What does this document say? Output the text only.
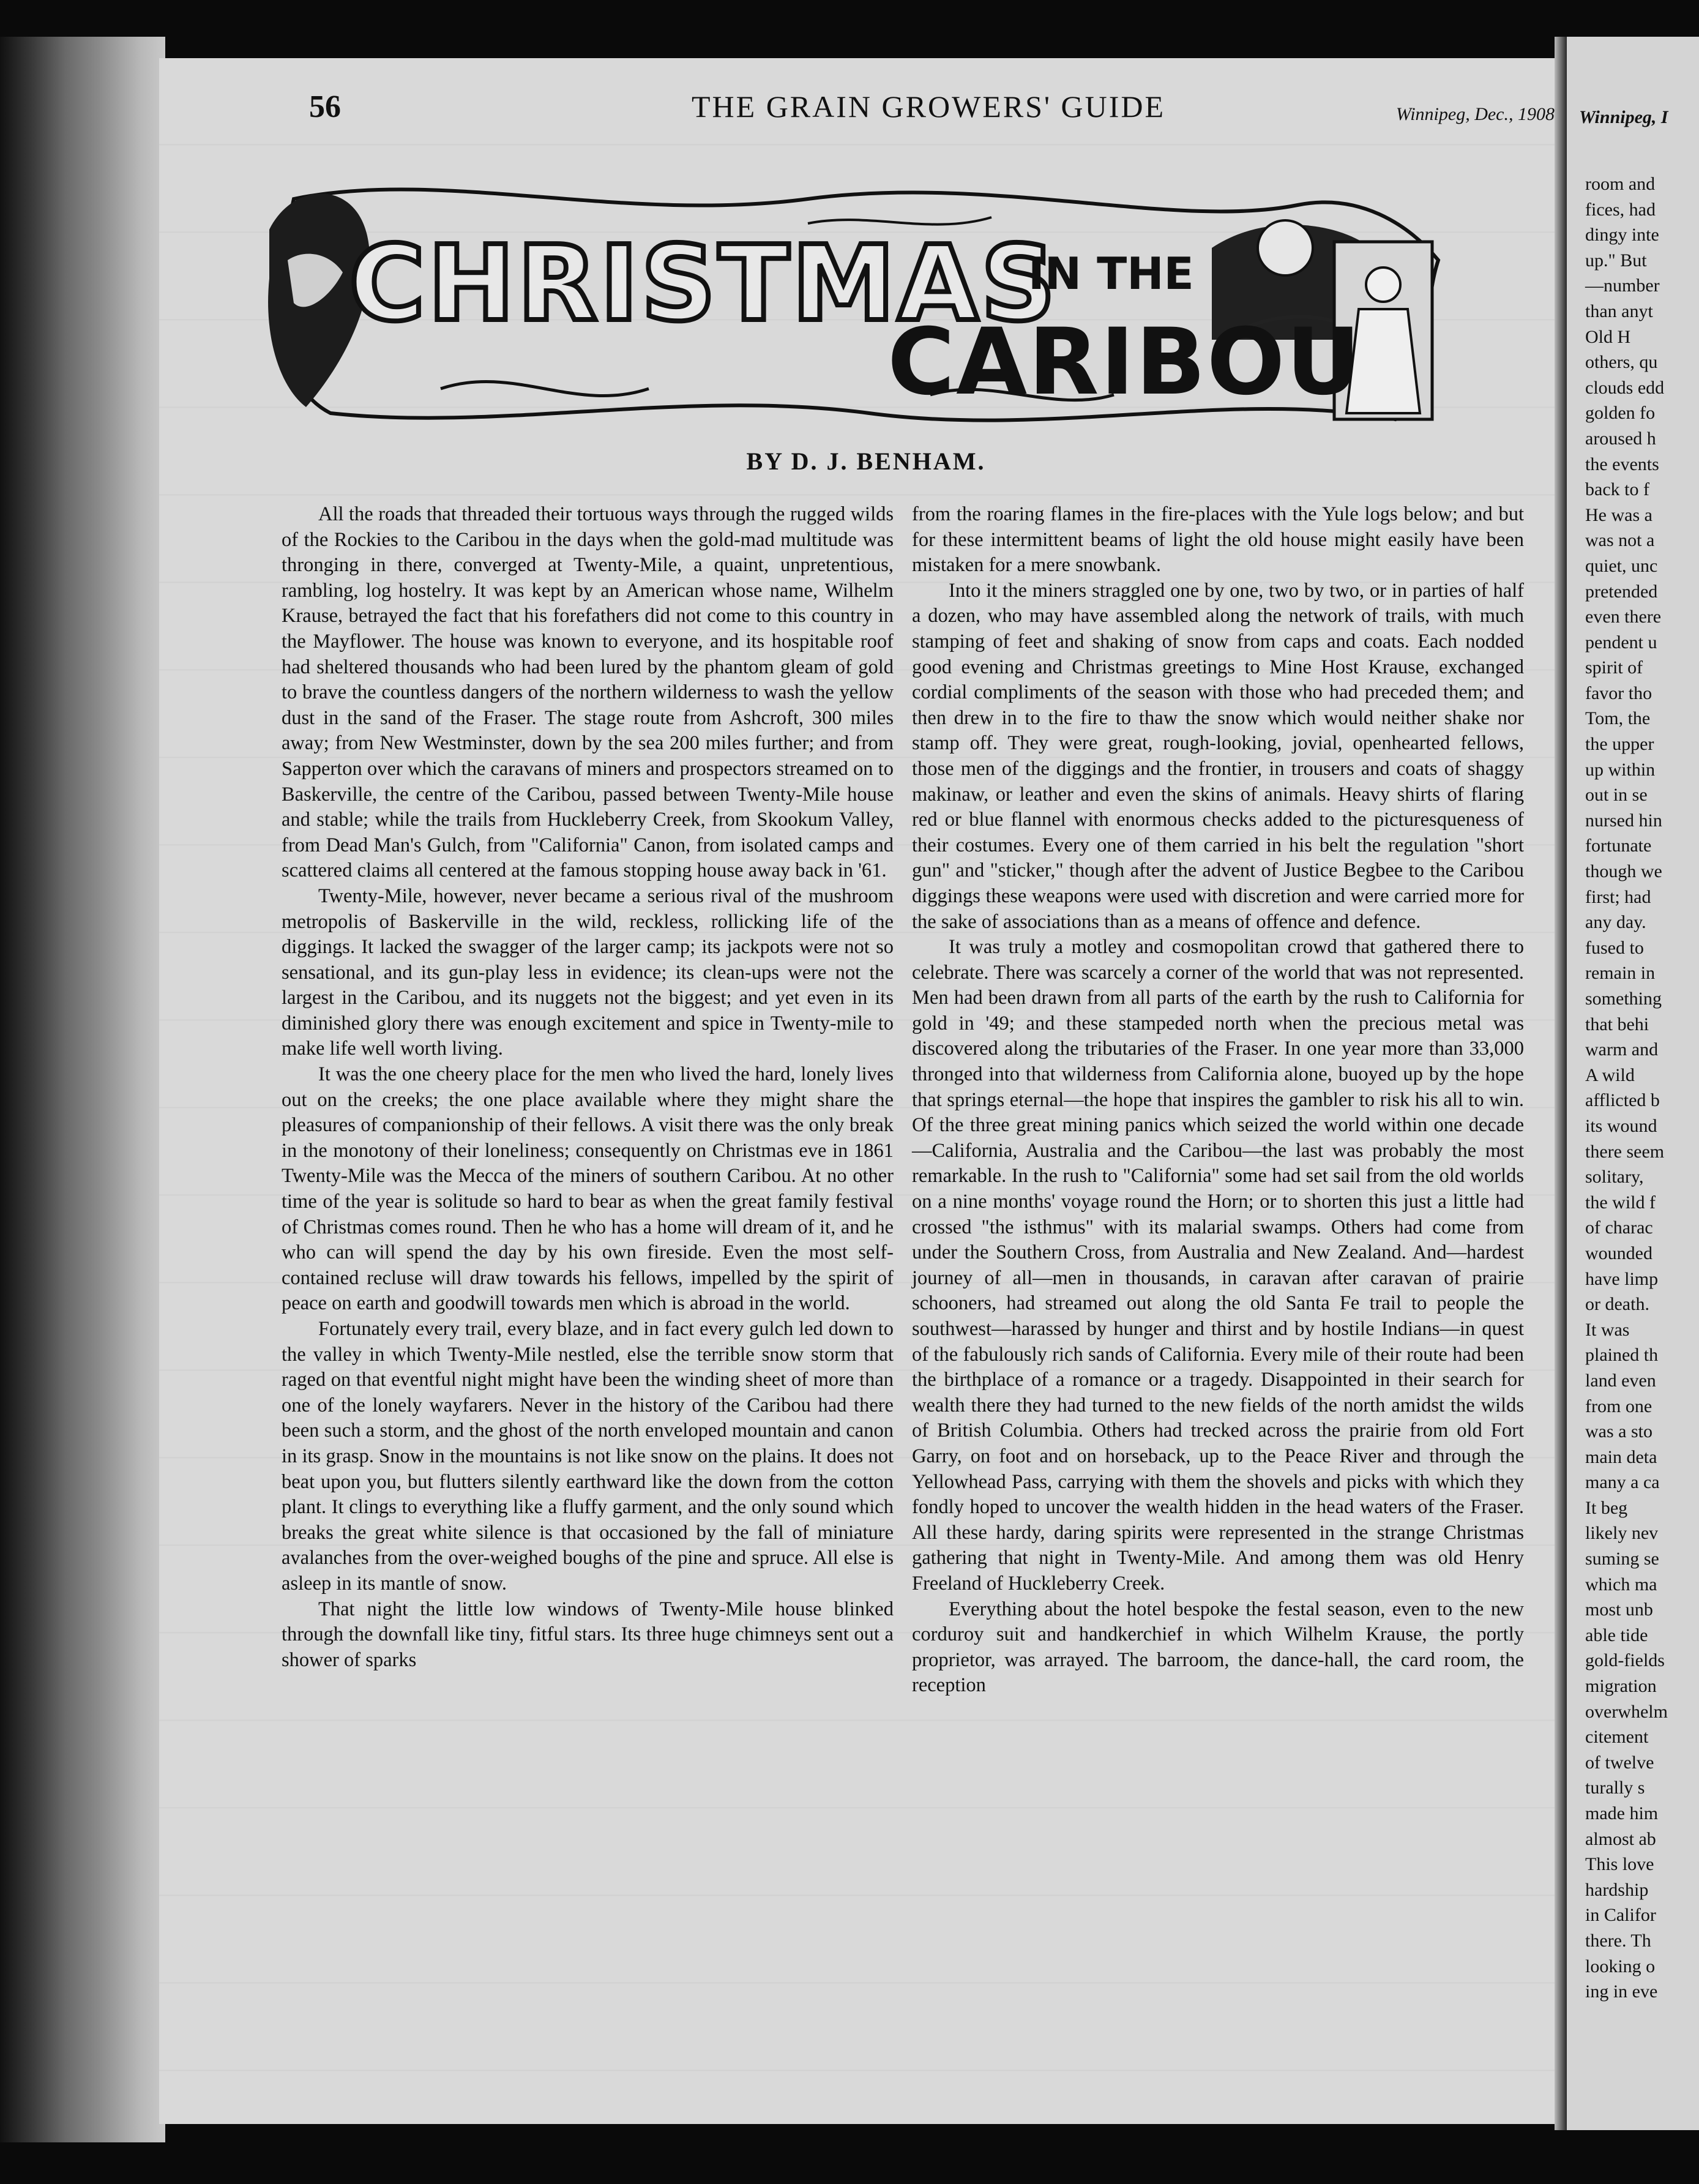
56	THE GRAIN GROWERS' GUIDE	Winnipeg, Dec., 1908
CHRISTMAS
IN THE
CARIBOU
BY D. J. BENHAM.

All the roads that threaded their tortuous ways through the rugged wilds of the Rockies to the Caribou in the days when the gold-mad multitude was thronging in there, converged at Twenty-Mile, a quaint, unpretentious, rambling, log hostelry. It was kept by an American whose name, Wilhelm Krause, betrayed the fact that his forefathers did not come to this country in the Mayflower. The house was known to everyone, and its hospitable roof had sheltered thousands who had been lured by the phantom gleam of gold to brave the countless dangers of the northern wilderness to wash the yellow dust in the sand of the Fraser. The stage route from Ashcroft, 300 miles away; from New Westminster, down by the sea 200 miles further; and from Sapperton over which the caravans of miners and prospectors streamed on to Baskerville, the centre of the Caribou, passed between Twenty-Mile house and stable; while the trails from Huckleberry Creek, from Skookum Valley, from Dead Man's Gulch, from "California" Canon, from isolated camps and scattered claims all centered at the famous stopping house away back in '61.

Twenty-Mile, however, never became a serious rival of the mushroom metropolis of Baskerville in the wild, reckless, rollicking life of the diggings. It lacked the swagger of the larger camp; its jackpots were not so sensational, and its gun-play less in evidence; its clean-ups were not the largest in the Caribou, and its nuggets not the biggest; and yet even in its diminished glory there was enough excitement and spice in Twenty-mile to make life well worth living.

It was the one cheery place for the men who lived the hard, lonely lives out on the creeks; the one place available where they might share the pleasures of companionship of their fellows. A visit there was the only break in the monotony of their loneliness; consequently on Christmas eve in 1861 Twenty-Mile was the Mecca of the miners of southern Caribou. At no other time of the year is solitude so hard to bear as when the great family festival of Christmas comes round. Then he who has a home will dream of it, and he who can will spend the day by his own fireside. Even the most self-contained recluse will draw towards his fellows, impelled by the spirit of peace on earth and goodwill towards men which is abroad in the world.

Fortunately every trail, every blaze, and in fact every gulch led down to the valley in which Twenty-Mile nestled, else the terrible snow storm that raged on that eventful night might have been the winding sheet of more than one of the lonely wayfarers. Never in the history of the Caribou had there been such a storm, and the ghost of the north enveloped mountain and canon in its grasp. Snow in the mountains is not like snow on the plains. It does not beat upon you, but flutters silently earthward like the down from the cotton plant. It clings to everything like a fluffy garment, and the only sound which breaks the great white silence is that occasioned by the fall of miniature avalanches from the over-weighed boughs of the pine and spruce. All else is asleep in its mantle of snow.

That night the little low windows of Twenty-Mile house blinked through the downfall like tiny, fitful stars. Its three huge chimneys sent out a shower of sparks

from the roaring flames in the fire-places with the Yule logs below; and but for these intermittent beams of light the old house might easily have been mistaken for a mere snowbank.

Into it the miners straggled one by one, two by two, or in parties of half a dozen, who may have assembled along the network of trails, with much stamping of feet and shaking of snow from caps and coats. Each nodded good evening and Christmas greetings to Mine Host Krause, exchanged cordial compliments of the season with those who had preceded them; and then drew in to the fire to thaw the snow which would neither shake nor stamp off. They were great, rough-looking, jovial, openhearted fellows, those men of the diggings and the frontier, in trousers and coats of shaggy makinaw, or leather and even the skins of animals. Heavy shirts of flaring red or blue flannel with enormous checks added to the picturesqueness of their costumes. Every one of them carried in his belt the regulation "short gun" and "sticker," though after the advent of Justice Begbee to the Caribou diggings these weapons were used with discretion and were carried more for the sake of associations than as a means of offence and defence.

It was truly a motley and cosmopolitan crowd that gathered there to celebrate. There was scarcely a corner of the world that was not represented. Men had been drawn from all parts of the earth by the rush to California for gold in '49; and these stampeded north when the precious metal was discovered along the tributaries of the Fraser. In one year more than 33,000 thronged into that wilderness from California alone, buoyed up by the hope that springs eternal—the hope that inspires the gambler to risk his all to win. Of the three great mining panics which seized the world within one decade—California, Australia and the Caribou—the last was probably the most remarkable. In the rush to "California" some had set sail from the old worlds on a nine months' voyage round the Horn; or to shorten this just a little had crossed "the isthmus" with its malarial swamps. Others had come from under the Southern Cross, from Australia and New Zealand. And—hardest journey of all—men in thousands, in caravan after caravan of prairie schooners, had streamed out along the old Santa Fe trail to people the southwest—harassed by hunger and thirst and by hostile Indians—in quest of the fabulously rich sands of California. Every mile of their route had been the birthplace of a romance or a tragedy. Disappointed in their search for wealth there they had turned to the new fields of the north amidst the wilds of British Columbia. Others had trecked across the prairie from old Fort Garry, on foot and on horseback, up to the Peace River and through the Yellowhead Pass, carrying with them the shovels and picks with which they fondly hoped to uncover the wealth hidden in the head waters of the Fraser. All these hardy, daring spirits were represented in the strange Christmas gathering that night in Twenty-Mile. And among them was old Henry Freeland of Huckleberry Creek.

Everything about the hotel bespoke the festal season, even to the new corduroy suit and handkerchief in which Wilhelm Krause, the portly proprietor, was arrayed. The barroom, the dance-hall, the card room, the reception

Winnipeg, I
room and
fices, had
dingy inte
up." But
—number
than anyt
Old H
others, qu
clouds edd
golden fo
aroused h
the events
back to f
He was a
was not a
quiet, unc
pretended
even there
pendent u
spirit of
favor tho
Tom, the
the upper
up within
out in se
nursed hin
fortunate
though we
first; had
any day.
fused to
remain in
something
that behi
warm and
A wild
afflicted b
its wound
there seem
solitary,
the wild f
of charac
wounded
have limp
or death.
It was
plained th
land even
from one
was a sto
main deta
many a ca
It beg
likely nev
suming se
which ma
most unb
able tide
gold-fields
migration
overwhelm
citement
of twelve
turally s
made him
almost ab
This love
hardship
in Califor
there. Th
looking o
ing in eve
